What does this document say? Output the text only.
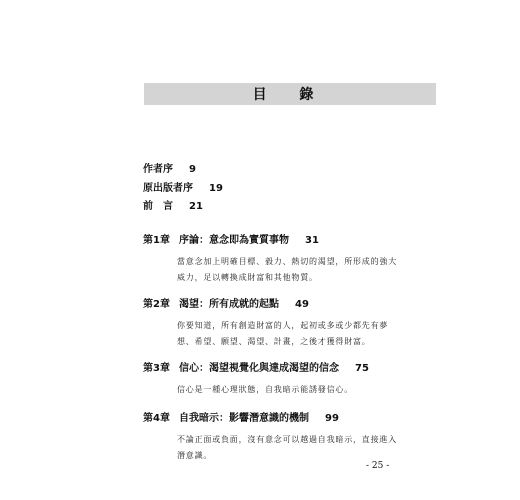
目 錄
作者序 9
原出版者序 19
前　言 21
第1章 序論：意念即為實質事物 31
當意念加上明確目標、毅力、熱切的渴望，所形成的強大威力，足以轉換成財富和其他物質。
第2章 渴望：所有成就的起點 49
你要知道，所有創造財富的人，起初或多或少都先有夢想、希望、願望、渴望、計畫，之後才獲得財富。
第3章 信心：渴望視覺化與達成渴望的信念 75
信心是一種心理狀態，自我暗示能誘發信心。
第4章 自我暗示：影響潛意識的機制 99
不論正面或負面，沒有意念可以越過自我暗示，直接進入潛意識。
- 25 -
